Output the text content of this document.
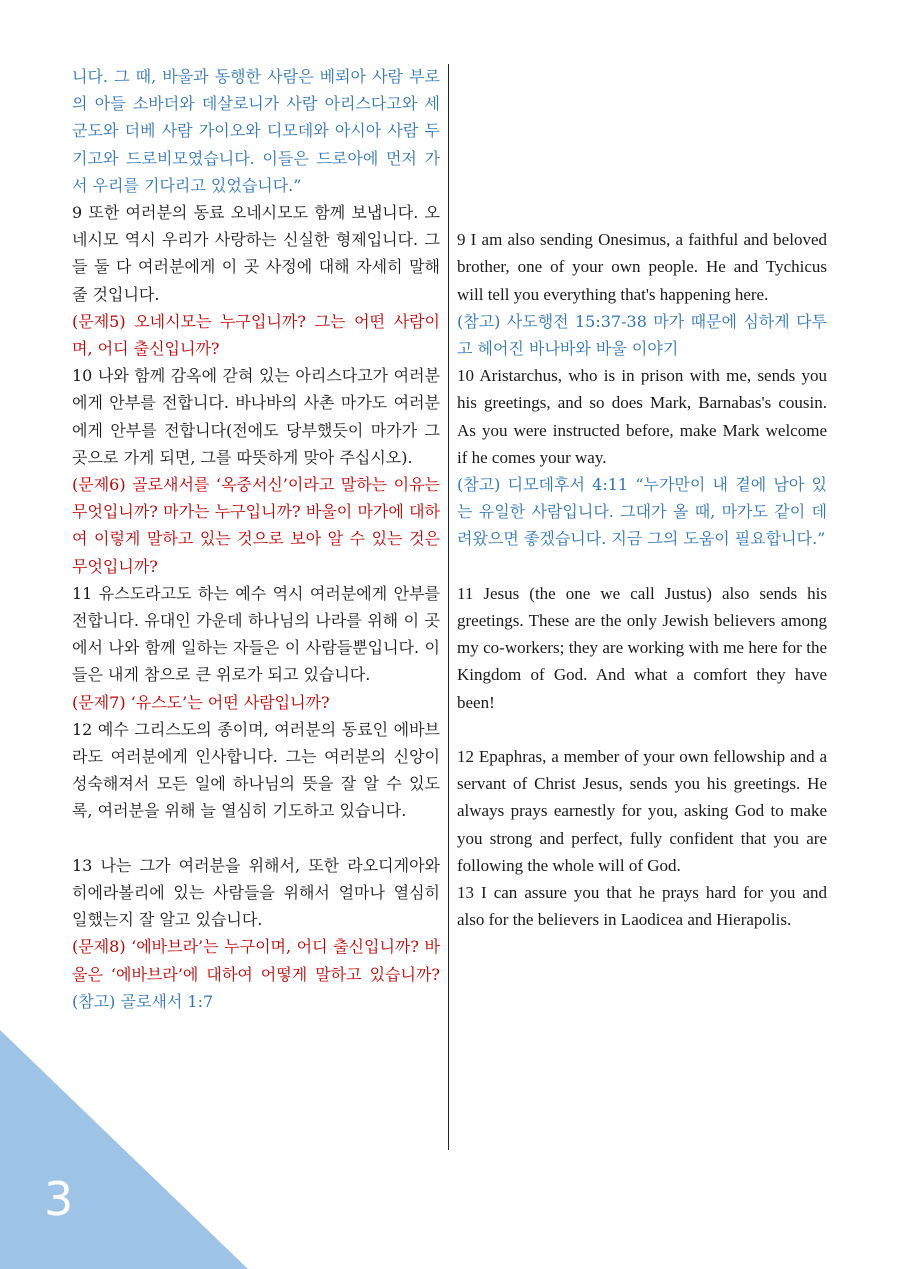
3

니다. 그 때, 바울과 동행한 사람은 베뢰아 사람 부로의 아들 소바더와 데살로니가 사람 아리스다고와 세군도와 더베 사람 가이오와 디모데와 아시아 사람 두기고와 드로비모였습니다. 이들은 드로아에 먼저 가서 우리를 기다리고 있었습니다.”

9 또한 여러분의 동료 오네시모도 함께 보냅니다. 오네시모 역시 우리가 사랑하는 신실한 형제입니다. 그들 둘 다 여러분에게 이 곳 사정에 대해 자세히 말해 줄 것입니다.

(문제5) 오네시모는 누구입니까? 그는 어떤 사람이며, 어디 출신입니까?

10 나와 함께 감옥에 갇혀 있는 아리스다고가 여러분에게 안부를 전합니다. 바나바의 사촌 마가도 여러분에게 안부를 전합니다(전에도 당부했듯이 마가가 그 곳으로 가게 되면, 그를 따뜻하게 맞아 주십시오).

(문제6) 골로새서를 ‘옥중서신’이라고 말하는 이유는 무엇입니까? 마가는 누구입니까? 바울이 마가에 대하여 이렇게 말하고 있는 것으로 보아 알 수 있는 것은 무엇입니까?

11 유스도라고도 하는 예수 역시 여러분에게 안부를 전합니다. 유대인 가운데 하나님의 나라를 위해 이 곳에서 나와 함께 일하는 자들은 이 사람들뿐입니다. 이들은 내게 참으로 큰 위로가 되고 있습니다.

(문제7) ‘유스도’는 어떤 사람입니까?

12 예수 그리스도의 종이며, 여러분의 동료인 에바브라도 여러분에게 인사합니다. 그는 여러분의 신앙이 성숙해져서 모든 일에 하나님의 뜻을 잘 알 수 있도록, 여러분을 위해 늘 열심히 기도하고 있습니다.

13 나는 그가 여러분을 위해서, 또한 라오디게아와 히에라볼리에 있는 사람들을 위해서 얼마나 열심히 일했는지 잘 알고 있습니다.

(문제8) ‘에바브라’는 누구이며, 어디 출신입니까? 바울은 ‘에바브라’에 대하여 어떻게 말하고 있습니까? (참고) 골로새서 1:7

9 I am also sending Onesimus, a faithful and beloved brother, one of your own people. He and Tychicus will tell you everything that's happening here.

(참고) 사도행전 15:37-38 마가 때문에 심하게 다투고 헤어진 바나바와 바울 이야기

10 Aristarchus, who is in prison with me, sends you his greetings, and so does Mark, Barnabas's cousin. As you were instructed before, make Mark welcome if he comes your way.

(참고) 디모데후서 4:11 “누가만이 내 곁에 남아 있는 유일한 사람입니다. 그대가 올 때, 마가도 같이 데려왔으면 좋겠습니다. 지금 그의 도움이 필요합니다.”

11 Jesus (the one we call Justus) also sends his greetings. These are the only Jewish believers among my co-workers; they are working with me here for the Kingdom of God. And what a comfort they have been!

12 Epaphras, a member of your own fellowship and a servant of Christ Jesus, sends you his greetings. He always prays earnestly for you, asking God to make you strong and perfect, fully confident that you are following the whole will of God.

13 I can assure you that he prays hard for you and also for the believers in Laodicea and Hierapolis.
